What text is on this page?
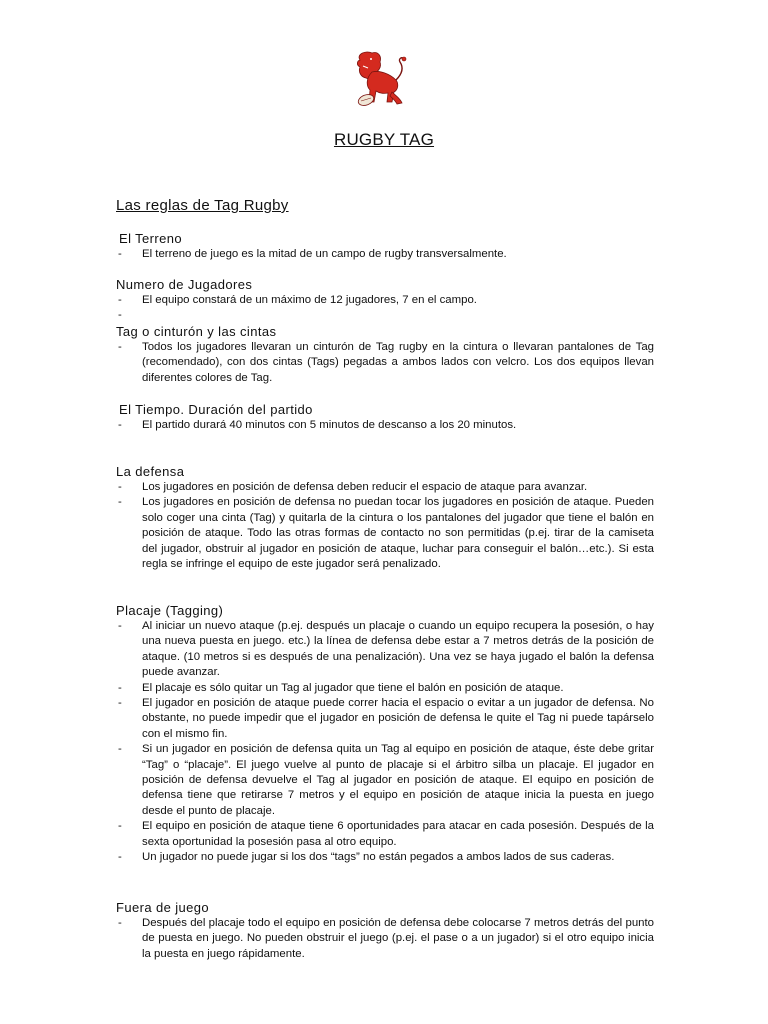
RUGBY TAG
Las reglas de Tag Rugby
El Terreno
- El terreno de juego es la mitad de un campo de rugby transversalmente.
Numero de Jugadores
- El equipo constará de un máximo de 12 jugadores, 7 en el campo.
-
Tag o cinturón y las cintas
- Todos los jugadores llevaran un cinturón de Tag rugby en la cintura o llevaran pantalones de Tag (recomendado), con dos cintas (Tags) pegadas a ambos lados con velcro. Los dos equipos llevan diferentes colores de Tag.
El Tiempo. Duración del partido
- El partido durará 40 minutos con 5 minutos de descanso a los 20 minutos.
La defensa
- Los jugadores en posición de defensa deben reducir el espacio de ataque para avanzar.
- Los jugadores en posición de defensa no puedan tocar los jugadores en posición de ataque. Pueden solo coger una cinta (Tag) y quitarla de la cintura o los pantalones del jugador que tiene el balón en posición de ataque. Todo las otras formas de contacto no son permitidas (p.ej. tirar de la camiseta del jugador, obstruir al jugador en posición de ataque, luchar para conseguir el balón…etc.). Si esta regla se infringe el equipo de este jugador será penalizado.
Placaje (Tagging)
- Al iniciar un nuevo ataque (p.ej. después un placaje o cuando un equipo recupera la posesión, o hay una nueva puesta en juego. etc.) la línea de defensa debe estar a 7 metros detrás de la posición de ataque. (10 metros si es después de una penalización). Una vez se haya jugado el balón la defensa puede avanzar.
- El placaje es sólo quitar un Tag al jugador que tiene el balón en posición de ataque.
- El jugador en posición de ataque puede correr hacia el espacio o evitar a un jugador de defensa. No obstante, no puede impedir que el jugador en posición de defensa le quite el Tag ni puede tapárselo con el mismo fin.
- Si un jugador en posición de defensa quita un Tag al equipo en posición de ataque, éste debe gritar “Tag” o “placaje”. El juego vuelve al punto de placaje si el árbitro silba un placaje. El jugador en posición de defensa devuelve el Tag al jugador en posición de ataque. El equipo en posición de defensa tiene que retirarse 7 metros y el equipo en posición de ataque inicia la puesta en juego desde el punto de placaje.
- El equipo en posición de ataque tiene 6 oportunidades para atacar en cada posesión. Después de la sexta oportunidad la posesión pasa al otro equipo.
- Un jugador no puede jugar si los dos “tags” no están pegados a ambos lados de sus caderas.
Fuera de juego
- Después del placaje todo el equipo en posición de defensa debe colocarse 7 metros detrás del punto de puesta en juego. No pueden obstruir el juego (p.ej. el pase o a un jugador) si el otro equipo inicia la puesta en juego rápidamente.
